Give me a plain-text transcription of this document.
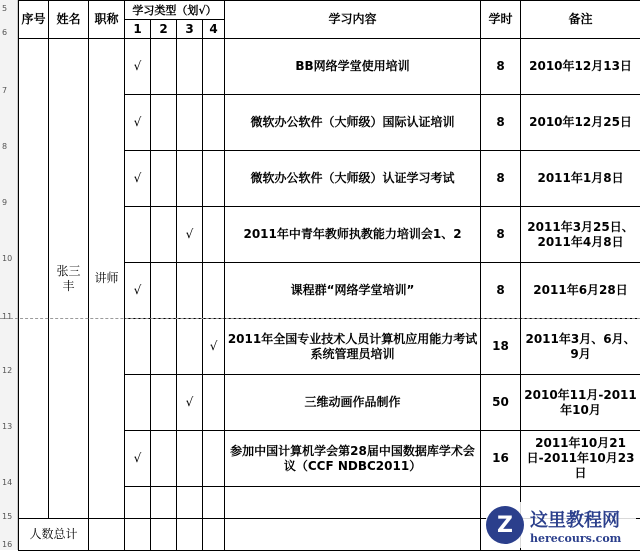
5
6
7
8
9
10
11
12
13
14
15
16
序号	姓名	职称	学习类型（划√）				学习内容	学时	备注
			1	2	3	4			
	张三丰	讲师	√				BB网络学堂使用培训	8	2010年12月13日
			√				微软办公软件（大师级）国际认证培训	8	2010年12月25日
			√				微软办公软件（大师级）认证学习考试	8	2011年1月8日
					√		2011年中青年教师执教能力培训会1、2	8	2011年3月25日、2011年4月8日
			√				课程群“网络学堂培训”	8	2011年6月28日
						√	2011年全国专业技术人员计算机应用能力考试系统管理员培训	18	2011年3月、6月、9月
					√		三维动画作品制作	50	2010年11月-2011年10月
			√				参加中国计算机学会第28届中国数据库学术会议（CCF NDBC2011）	16	2011年10月21日-2011年10月23日

人数总计										Z 这里教程网
herecours.com
